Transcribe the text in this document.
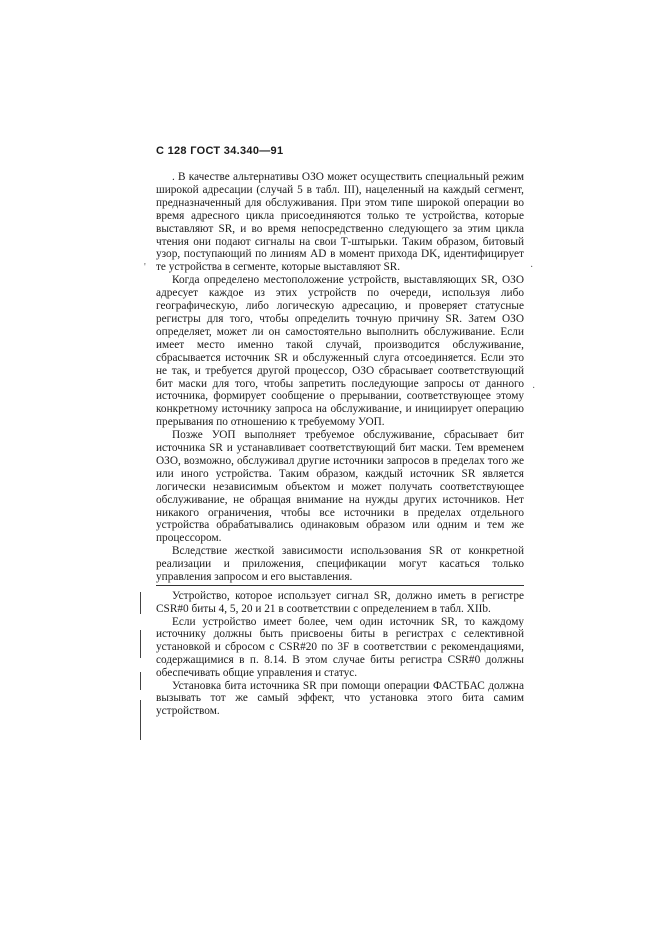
С 128 ГОСТ 34.340—91

. В качестве альтернативы ОЗО может осуществить специальный режим широкой адресации (случай 5 в табл. III), нацеленный на каждый сегмент, предназначенный для обслуживания. При этом типе широкой операции во время адресного цикла присоединяются только те устройства, которые выставляют SR, и во время непосредственно следующего за этим цикла чтения они подают сигналы на свои Т-штырьки. Таким образом, битовый узор, поступающий по линиям AD в момент прихода DK, идентифицирует те устройства в сегменте, которые выставляют SR.

Когда определено местоположение устройств, выставляющих SR, ОЗО адресует каждое из этих устройств по очереди, используя либо географическую, либо логическую адресацию, и проверяет статусные регистры для того, чтобы определить точную причину SR. Затем ОЗО определяет, может ли он самостоятельно выполнить обслуживание. Если имеет место именно такой случай, производится обслуживание, сбрасывается источник SR и обслуженный слуга отсоединяется. Если это не так, и требуется другой процессор, ОЗО сбрасывает соответствующий бит маски для того, чтобы запретить последующие запросы от данного источника, формирует сообщение о прерывании, соответствующее этому конкретному источнику запроса на обслуживание, и инициирует операцию прерывания по отношению к требуемому УОП.

Позже УОП выполняет требуемое обслуживание, сбрасывает бит источника SR и устанавливает соответствующий бит маски. Тем временем ОЗО, возможно, обслуживал другие источники запросов в пределах того же или иного устройства. Таким образом, каждый источник SR является логически независимым объектом и может получать соответствующее обслуживание, не обращая внимание на нужды других источников. Нет никакого ограничения, чтобы все источники в пределах отдельного устройства обрабатывались одинаковым образом или одним и тем же процессором.

Вследствие жесткой зависимости использования SR от конкретной реализации и приложения, спецификации могут касаться только управления запросом и его выставления.

'	·
·

Устройство, которое использует сигнал SR, должно иметь в регистре CSR#0 биты 4, 5, 20 и 21 в соответствии с определением в табл. XIIb.

Если устройство имеет более, чем один источник SR, то каждому источнику должны быть присвоены биты в регистрах с селективной установкой и сбросом с CSR#20 по 3F в соответствии с рекомендациями, содержащимися в п. 8.14. В этом случае биты регистра CSR#0 должны обеспечивать общие управления и статус.

Установка бита источника SR при помощи операции ФАСТБАС должна вызывать тот же самый эффект, что установка этого бита самим устройством.
